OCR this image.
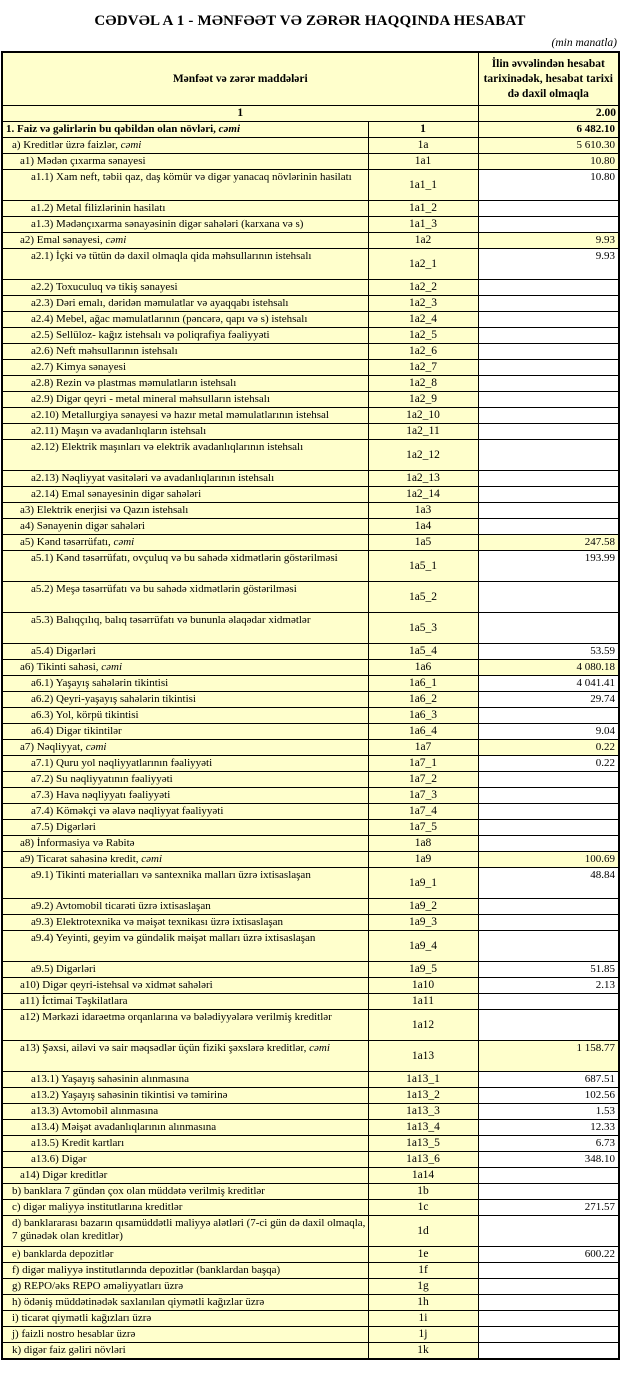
CƏDVƏL A 1 - MƏNFƏƏT VƏ ZƏRƏR HAQQINDA HESABAT
(min manatla)
Mənfəət və zərər maddələri		İlin əvvəlindən hesabat tarixinədək, hesabat tarixi də daxil olmaqla
1		2.00
1. Faiz və gəlirlərin bu qəbildən olan növləri, cəmi	1	6 482.10
a) Kreditlər üzrə faizlər, cəmi	1a	5 610.30
a1) Mədən çıxarma sənayesi	1a1	10.80
a1.1) Xam neft, təbii qaz, daş kömür və digər yanacaq növlərinin hasilatı	1a1_1	10.80
a1.2) Metal filizlərinin hasilatı	1a1_2	
a1.3) Mədənçıxarma sənayəsinin digər sahələri (karxana və s)	1a1_3	
a2) Emal sənayesi, cəmi	1a2	9.93
a2.1) İçki və tütün də daxil olmaqla qida məhsullarının istehsalı	1a2_1	9.93
a2.2) Toxuculuq və tikiş sənayesi	1a2_2	
a2.3) Dəri emalı, dəridən məmulatlar və ayaqqabı istehsalı	1a2_3	
a2.4) Mebel, ağac məmulatlarının (pəncərə, qapı və s) istehsalı	1a2_4	
a2.5) Sellüloz- kağız istehsalı və poliqrafiya fəaliyyəti	1a2_5	
a2.6) Neft məhsullarının istehsalı	1a2_6	
a2.7) Kimya sənayesi	1a2_7	
a2.8) Rezin və plastmas məmulatların istehsalı	1a2_8	
a2.9) Digər qeyri - metal mineral məhsulların istehsalı	1a2_9	
a2.10) Metallurgiya sənayesi və hazır metal məmulatlarının istehsal	1a2_10	
a2.11) Maşın və avadanlıqların istehsalı	1a2_11	
a2.12) Elektrik maşınları və elektrik avadanlıqlarının istehsalı	1a2_12	
a2.13) Nəqliyyat vasitələri və avadanlıqlarının istehsalı	1a2_13	
a2.14) Emal sənayesinin digər sahələri	1a2_14	
a3) Elektrik enerjisi və Qazın istehsalı	1a3	
a4) Sənayenin digər sahələri	1a4	
a5) Kənd təsərrüfatı, cəmi	1a5	247.58
a5.1) Kənd təsərrüfatı, ovçuluq və bu sahədə xidmətlərin göstərilməsi	1a5_1	193.99
a5.2) Meşə təsərrüfatı və bu sahədə xidmətlərin göstərilməsi	1a5_2	
a5.3) Balıqçılıq, balıq təsərrüfatı və bununla əlaqədar xidmətlər	1a5_3	
a5.4) Digərləri	1a5_4	53.59
a6) Tikinti sahəsi, cəmi	1a6	4 080.18
a6.1) Yaşayış sahələrin tikintisi	1a6_1	4 041.41
a6.2) Qeyri-yaşayış sahələrin tikintisi	1a6_2	29.74
a6.3) Yol, körpü tikintisi	1a6_3	
a6.4) Digər tikintilər	1a6_4	9.04
a7) Nəqliyyat, cəmi	1a7	0.22
a7.1) Quru yol nəqliyyatlarının fəaliyyəti	1a7_1	0.22
a7.2) Su nəqliyyatının fəaliyyəti	1a7_2	
a7.3) Hava nəqliyyatı fəaliyyəti	1a7_3	
a7.4) Köməkçi və əlavə nəqliyyat fəaliyyəti	1a7_4	
a7.5) Digərləri	1a7_5	
a8) İnformasiya və Rabitə	1a8	
a9) Ticarət sahəsinə kredit, cəmi	1a9	100.69
a9.1) Tikinti materialları və santexnika malları üzrə ixtisaslaşan	1a9_1	48.84
a9.2) Avtomobil ticarəti üzrə ixtisaslaşan	1a9_2	
a9.3) Elektrotexnika və məişət texnikası üzrə ixtisaslaşan	1a9_3	
a9.4) Yeyinti, geyim və gündəlik məişət malları üzrə ixtisaslaşan	1a9_4	
a9.5) Digərləri	1a9_5	51.85
a10) Digər qeyri-istehsal və xidmət sahələri	1a10	2.13
a11) İctimai Təşkilatlara	1a11	
a12) Mərkəzi idarəetmə orqanlarına və bələdiyyələrə verilmiş kreditlər	1a12	
a13) Şəxsi, ailəvi və sair məqsədlər üçün fiziki şəxslərə kreditlər, cəmi	1a13	1 158.77
a13.1) Yaşayış sahəsinin alınmasına	1a13_1	687.51
a13.2) Yaşayış sahəsinin tikintisi və təmirinə	1a13_2	102.56
a13.3) Avtomobil alınmasına	1a13_3	1.53
a13.4) Məişət avadanlıqlarının alınmasına	1a13_4	12.33
a13.5) Kredit kartları	1a13_5	6.73
a13.6) Digər	1a13_6	348.10
a14) Digər kreditlər	1a14	
b) banklara 7 gündən çox olan müddətə verilmiş kreditlər	1b	
c) digər maliyyə institutlarına kreditlər	1c	271.57
d) banklararası bazarın qısamüddətli maliyyə alətləri (7-ci gün də daxil olmaqla, 7 günədək olan kreditlər)	1d	
e) banklarda depozitlər	1e	600.22
f) digər maliyyə institutlarında depozitlər (banklardan başqa)	1f	
g) REPO/əks REPO əməliyyatları üzrə	1g	
h) ödəniş müddətinədək saxlanılan qiymətli kağızlar üzrə	1h	
i) ticarət qiymətli kağızları üzrə	1i	
j) faizli nostro hesablar üzrə	1j	
k) digər faiz gəliri növləri	1k	
